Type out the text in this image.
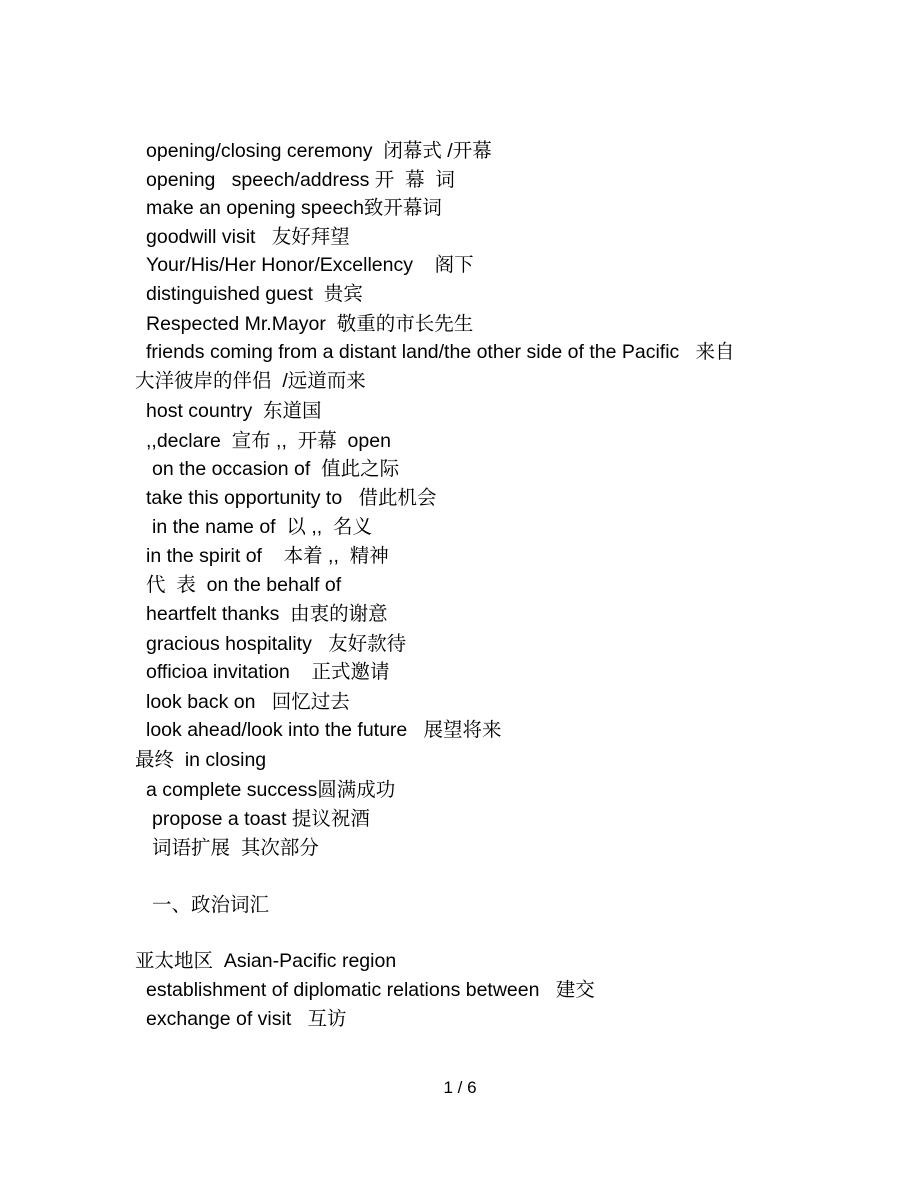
opening/closing ceremony  闭幕式 /开幕
opening   speech/address 开  幕  词
make an opening speech致开幕词
goodwill visit   友好拜望
Your/His/Her Honor/Excellency    阁下
distinguished guest  贵宾
Respected Mr.Mayor  敬重的市长先生
friends coming from a distant land/the other side of the Pacific   来自
大洋彼岸的伴侣  /远道而来
host country  东道国
,,declare  宣布 ,,  开幕  open
on the occasion of  值此之际
take this opportunity to   借此机会
in the name of  以 ,,  名义
in the spirit of    本着 ,,  精神
代  表  on the behalf of
heartfelt thanks  由衷的谢意
gracious hospitality   友好款待
officioa invitation    正式邀请
look back on   回忆过去
look ahead/look into the future   展望将来
最终  in closing
a complete success圆满成功
propose a toast 提议祝酒
词语扩展  其次部分
一、政治词汇
亚太地区  Asian-Pacific region
establishment of diplomatic relations between   建交
exchange of visit   互访
1 / 6
